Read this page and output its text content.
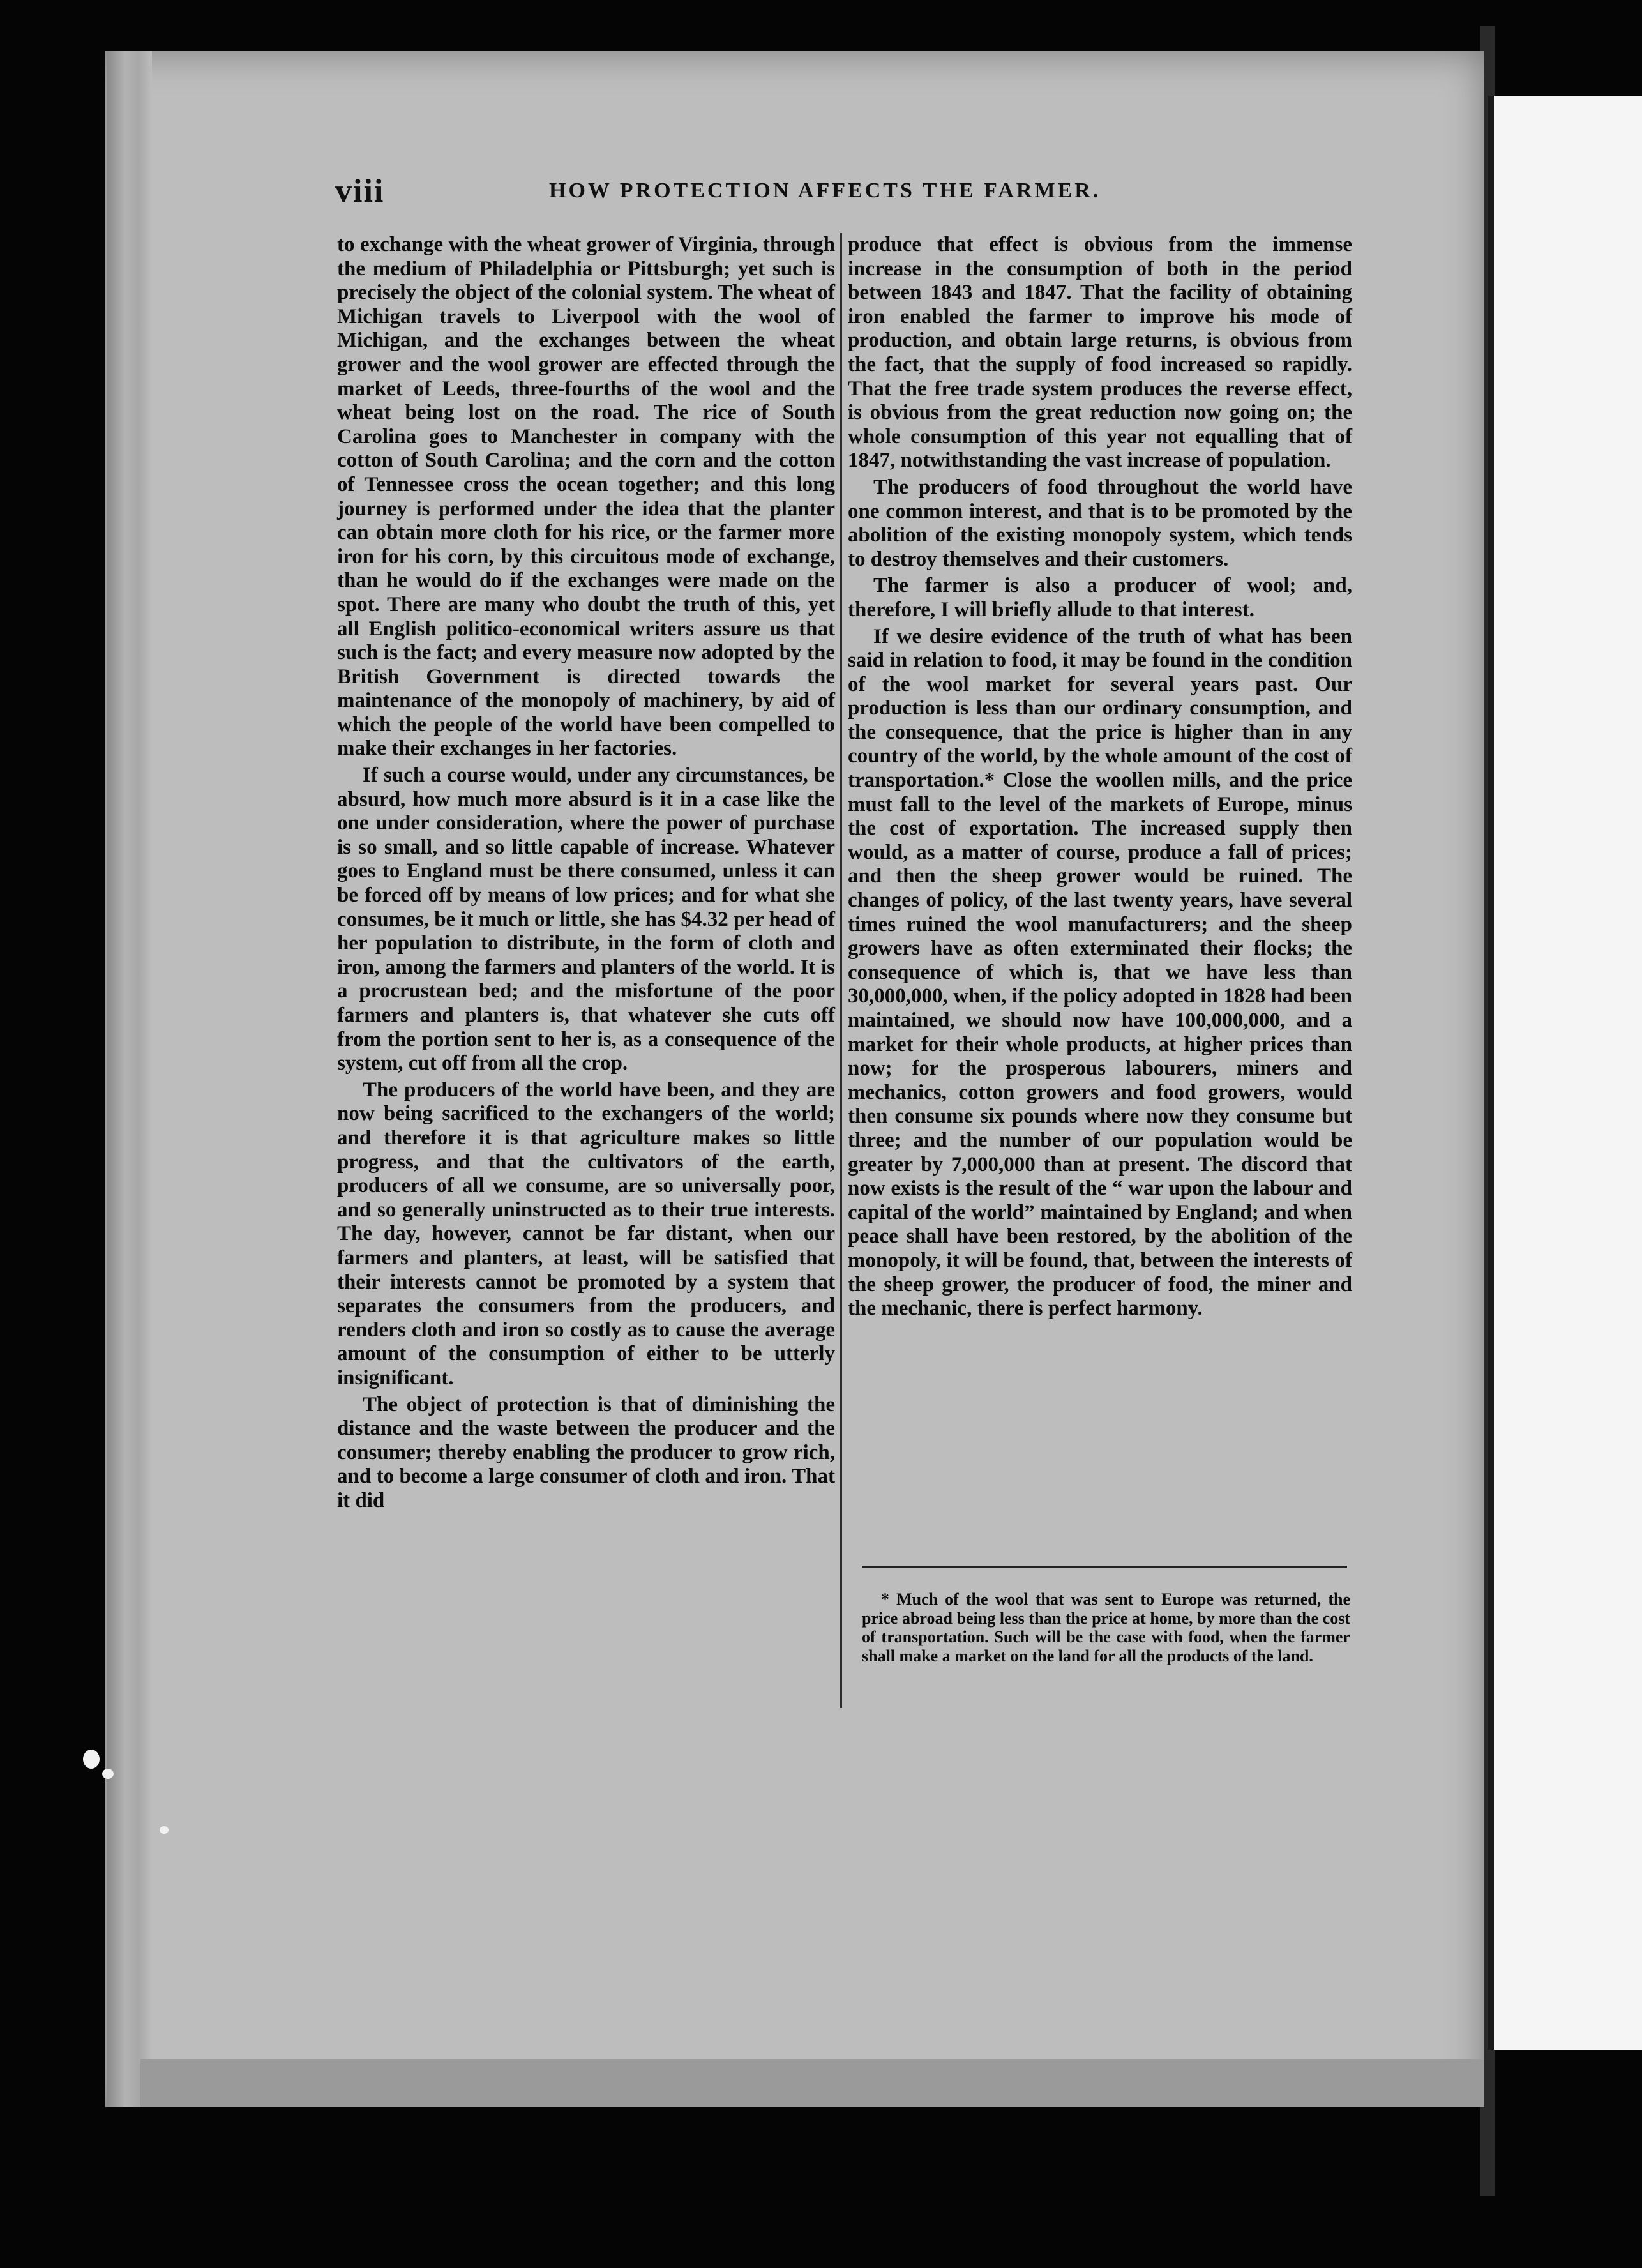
viii	HOW PROTECTION AFFECTS THE FARMER.

to exchange with the wheat grower of Virginia, through the medium of Philadelphia or Pittsburgh; yet such is precisely the object of the colonial system. The wheat of Michigan travels to Liverpool with the wool of Michigan, and the exchanges between the wheat grower and the wool grower are effected through the market of Leeds, three-fourths of the wool and the wheat being lost on the road. The rice of South Carolina goes to Manchester in company with the cotton of South Carolina; and the corn and the cotton of Tennessee cross the ocean together; and this long journey is performed under the idea that the planter can obtain more cloth for his rice, or the farmer more iron for his corn, by this circuitous mode of exchange, than he would do if the exchanges were made on the spot. There are many who doubt the truth of this, yet all English politico-economical writers assure us that such is the fact; and every measure now adopted by the British Government is directed towards the maintenance of the monopoly of machinery, by aid of which the people of the world have been compelled to make their exchanges in her factories.

If such a course would, under any circumstances, be absurd, how much more absurd is it in a case like the one under consideration, where the power of purchase is so small, and so little capable of increase. Whatever goes to England must be there consumed, unless it can be forced off by means of low prices; and for what she consumes, be it much or little, she has $4.32 per head of her population to distribute, in the form of cloth and iron, among the farmers and planters of the world. It is a procrustean bed; and the misfortune of the poor farmers and planters is, that whatever she cuts off from the portion sent to her is, as a consequence of the system, cut off from all the crop.

The producers of the world have been, and they are now being sacrificed to the exchangers of the world; and therefore it is that agriculture makes so little progress, and that the cultivators of the earth, producers of all we consume, are so universally poor, and so generally uninstructed as to their true interests. The day, however, cannot be far distant, when our farmers and planters, at least, will be satisfied that their interests cannot be promoted by a system that separates the consumers from the producers, and renders cloth and iron so costly as to cause the average amount of the consumption of either to be utterly insignificant.

The object of protection is that of diminishing the distance and the waste between the producer and the consumer; thereby enabling the producer to grow rich, and to become a large consumer of cloth and iron. That it did

produce that effect is obvious from the immense increase in the consumption of both in the period between 1843 and 1847. That the facility of obtaining iron enabled the farmer to improve his mode of production, and obtain large returns, is obvious from the fact, that the supply of food increased so rapidly. That the free trade system produces the reverse effect, is obvious from the great reduction now going on; the whole consumption of this year not equalling that of 1847, notwithstanding the vast increase of population.

The producers of food throughout the world have one common interest, and that is to be promoted by the abolition of the existing monopoly system, which tends to destroy themselves and their customers.

The farmer is also a producer of wool; and, therefore, I will briefly allude to that interest.

If we desire evidence of the truth of what has been said in relation to food, it may be found in the condition of the wool market for several years past. Our production is less than our ordinary consumption, and the consequence, that the price is higher than in any country of the world, by the whole amount of the cost of transportation.* Close the woollen mills, and the price must fall to the level of the markets of Europe, minus the cost of exportation. The increased supply then would, as a matter of course, produce a fall of prices; and then the sheep grower would be ruined. The changes of policy, of the last twenty years, have several times ruined the wool manufacturers; and the sheep growers have as often exterminated their flocks; the consequence of which is, that we have less than 30,000,000, when, if the policy adopted in 1828 had been maintained, we should now have 100,000,000, and a market for their whole products, at higher prices than now; for the prosperous labourers, miners and mechanics, cotton growers and food growers, would then consume six pounds where now they consume but three; and the number of our population would be greater by 7,000,000 than at present. The discord that now exists is the result of the “ war upon the labour and capital of the world” maintained by England; and when peace shall have been restored, by the abolition of the monopoly, it will be found, that, between the interests of the sheep grower, the producer of food, the miner and the mechanic, there is perfect harmony.

* Much of the wool that was sent to Europe was returned, the price abroad being less than the price at home, by more than the cost of transportation. Such will be the case with food, when the farmer shall make a market on the land for all the products of the land.
